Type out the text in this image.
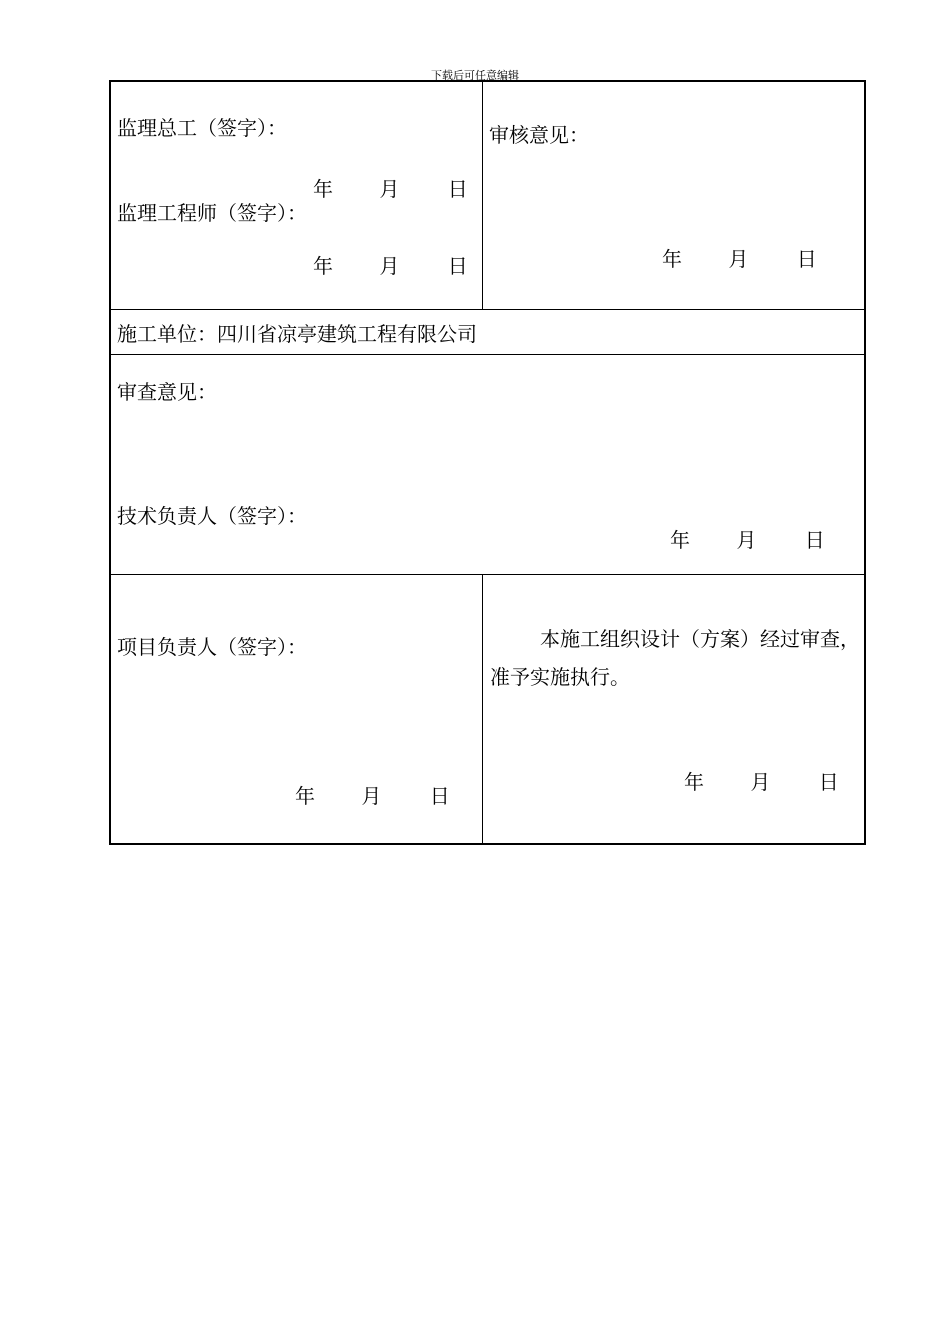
下载后可任意编辑
监理总工（签字）：
年 月 日
监理工程师（签字）：
年 月 日
审核意见：
年 月 日
施工单位：四川省凉亭建筑工程有限公司
审查意见：
技术负责人（签字）：
年 月 日
项目负责人（签字）：
年 月 日
本施工组织设计（方案）经过审查，准予实施执行。
年 月 日
